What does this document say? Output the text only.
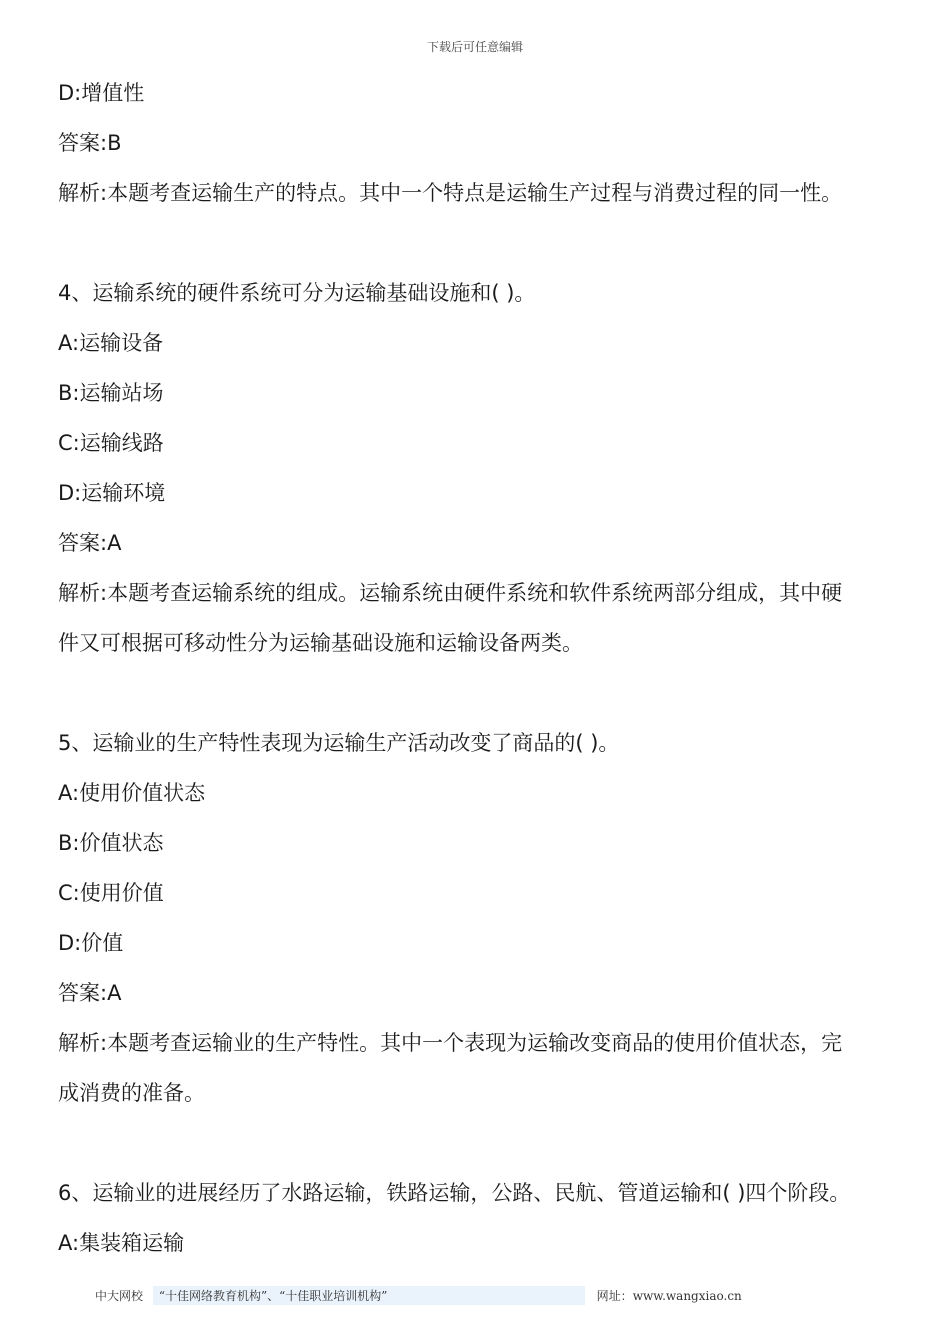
下载后可任意编辑
D:增值性
答案:B
解析:本题考查运输生产的特点。其中一个特点是运输生产过程与消费过程的同一性。
4、运输系统的硬件系统可分为运输基础设施和( )。
A:运输设备
B:运输站场
C:运输线路
D:运输环境
答案:A
解析:本题考查运输系统的组成。运输系统由硬件系统和软件系统两部分组成，其中硬
件又可根据可移动性分为运输基础设施和运输设备两类。
5、运输业的生产特性表现为运输生产活动改变了商品的( )。
A:使用价值状态
B:价值状态
C:使用价值
D:价值
答案:A
解析:本题考查运输业的生产特性。其中一个表现为运输改变商品的使用价值状态，完
成消费的准备。
6、运输业的进展经历了水路运输，铁路运输，公路、民航、管道运输和( )四个阶段。
A:集装箱运输
中大网校 “十佳网络教育机构”、“十佳职业培训机构”	网址：www.wangxiao.cn
